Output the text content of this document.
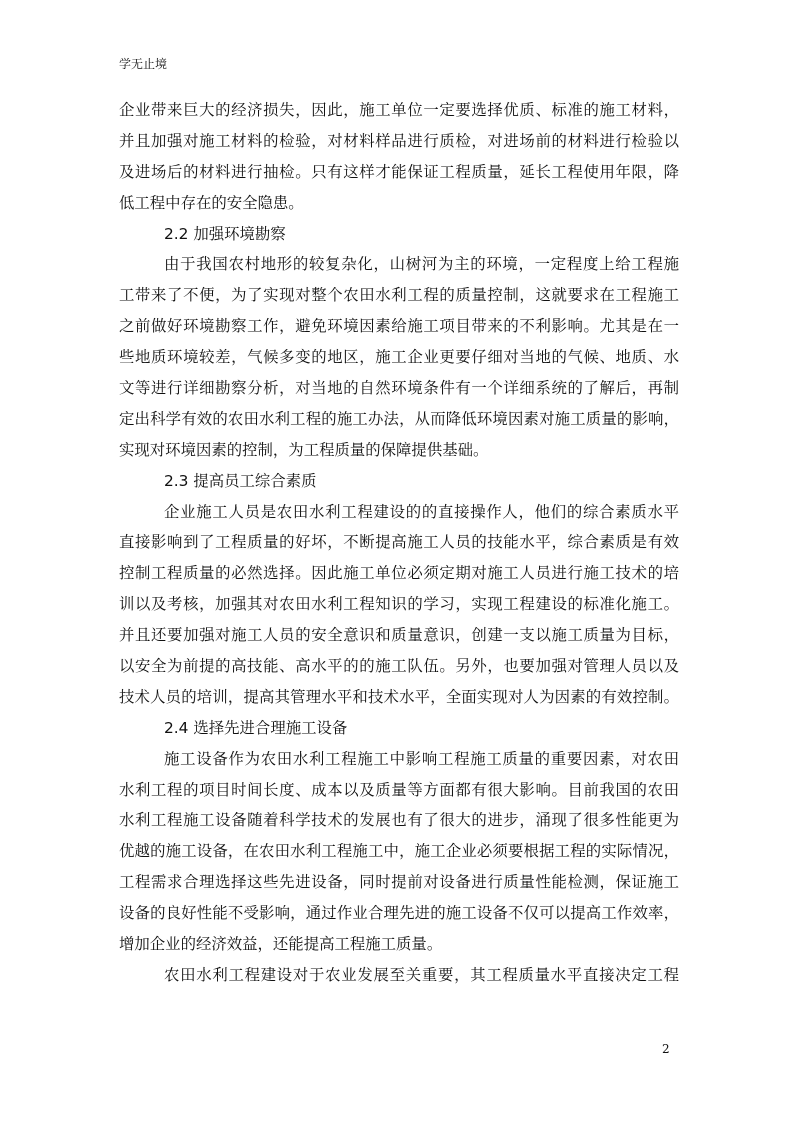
学无止境
企业带来巨大的经济损失，因此，施工单位一定要选择优质、标准的施工材料，
并且加强对施工材料的检验，对材料样品进行质检，对进场前的材料进行检验以
及进场后的材料进行抽检。只有这样才能保证工程质量，延长工程使用年限，降
低工程中存在的安全隐患。
2.2 加强环境勘察
由于我国农村地形的较复杂化，山树河为主的环境，一定程度上给工程施
工带来了不便，为了实现对整个农田水利工程的质量控制，这就要求在工程施工
之前做好环境勘察工作，避免环境因素给施工项目带来的不利影响。尤其是在一
些地质环境较差，气候多变的地区，施工企业更要仔细对当地的气候、地质、水
文等进行详细勘察分析，对当地的自然环境条件有一个详细系统的了解后，再制
定出科学有效的农田水利工程的施工办法，从而降低环境因素对施工质量的影响，
实现对环境因素的控制，为工程质量的保障提供基础。
2.3 提高员工综合素质
企业施工人员是农田水利工程建设的的直接操作人，他们的综合素质水平
直接影响到了工程质量的好坏，不断提高施工人员的技能水平，综合素质是有效
控制工程质量的必然选择。因此施工单位必须定期对施工人员进行施工技术的培
训以及考核，加强其对农田水利工程知识的学习，实现工程建设的标准化施工。
并且还要加强对施工人员的安全意识和质量意识，创建一支以施工质量为目标，
以安全为前提的高技能、高水平的的施工队伍。另外，也要加强对管理人员以及
技术人员的培训，提高其管理水平和技术水平，全面实现对人为因素的有效控制。
2.4 选择先进合理施工设备
施工设备作为农田水利工程施工中影响工程施工质量的重要因素，对农田
水利工程的项目时间长度、成本以及质量等方面都有很大影响。目前我国的农田
水利工程施工设备随着科学技术的发展也有了很大的进步，涌现了很多性能更为
优越的施工设备，在农田水利工程施工中，施工企业必须要根据工程的实际情况，
工程需求合理选择这些先进设备，同时提前对设备进行质量性能检测，保证施工
设备的良好性能不受影响，通过作业合理先进的施工设备不仅可以提高工作效率，
增加企业的经济效益，还能提高工程施工质量。
农田水利工程建设对于农业发展至关重要，其工程质量水平直接决定工程
2
